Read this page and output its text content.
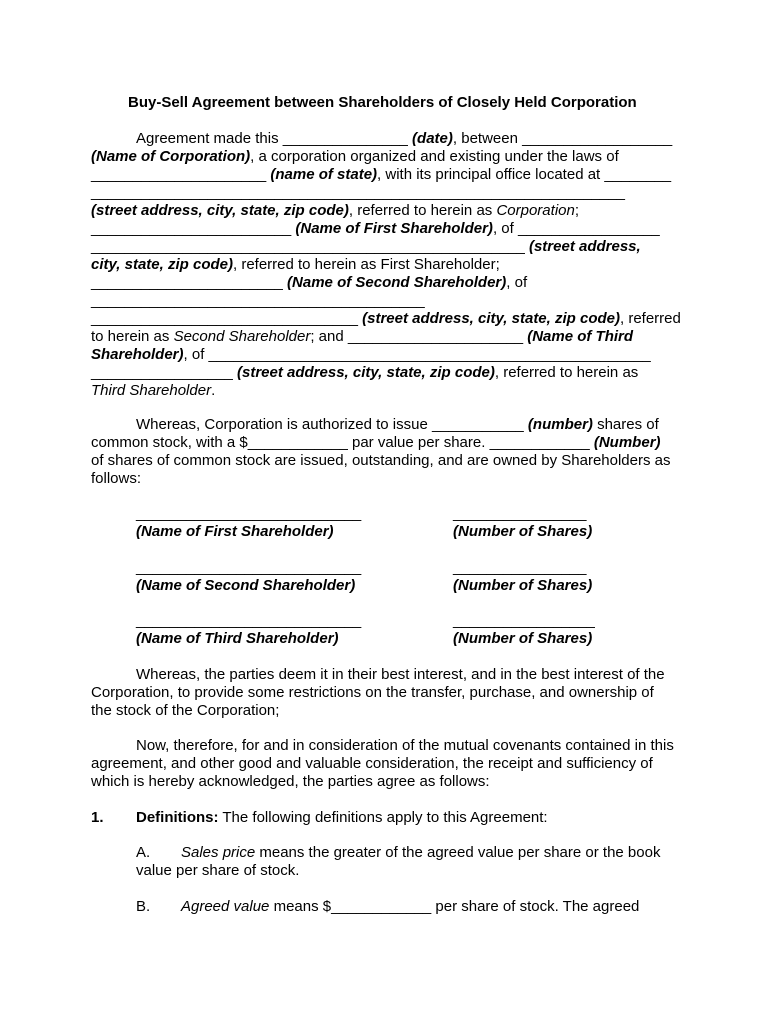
Buy-Sell Agreement between Shareholders of Closely Held Corporation
Agreement made this _______________ (date), between __________________
(Name of Corporation), a corporation organized and existing under the laws of
_____________________ (name of state), with its principal office located at ________
________________________________________________________________
(street address, city, state, zip code), referred to herein as Corporation;
________________________ (Name of First Shareholder), of _________________
____________________________________________________ (street address,
city, state, zip code), referred to herein as First Shareholder;
_______________________ (Name of Second Shareholder), of
________________________________________
________________________________ (street address, city, state, zip code), referred
to herein as Second Shareholder; and _____________________ (Name of Third
Shareholder), of _____________________________________________________
_________________ (street address, city, state, zip code), referred to herein as
Third Shareholder.
Whereas, Corporation is authorized to issue ___________ (number) shares of
common stock, with a $____________ par value per share. ____________ (Number)
of shares of common stock are issued, outstanding, and are owned by Shareholders as
follows:
___________________________
(Name of First Shareholder)
________________
(Number of Shares)
___________________________
(Name of Second Shareholder)
________________
(Number of Shares)
___________________________
(Name of Third Shareholder)
_________________
(Number of Shares)
Whereas, the parties deem it in their best interest, and in the best interest of the
Corporation, to provide some restrictions on the transfer, purchase, and ownership of
the stock of the Corporation;
Now, therefore, for and in consideration of the mutual covenants contained in this
agreement, and other good and valuable consideration, the receipt and sufficiency of
which is hereby acknowledged, the parties agree as follows:
1. Definitions: The following definitions apply to this Agreement:
A. Sales price means the greater of the agreed value per share or the book
value per share of stock.
B. Agreed value means $____________ per share of stock. The agreed
